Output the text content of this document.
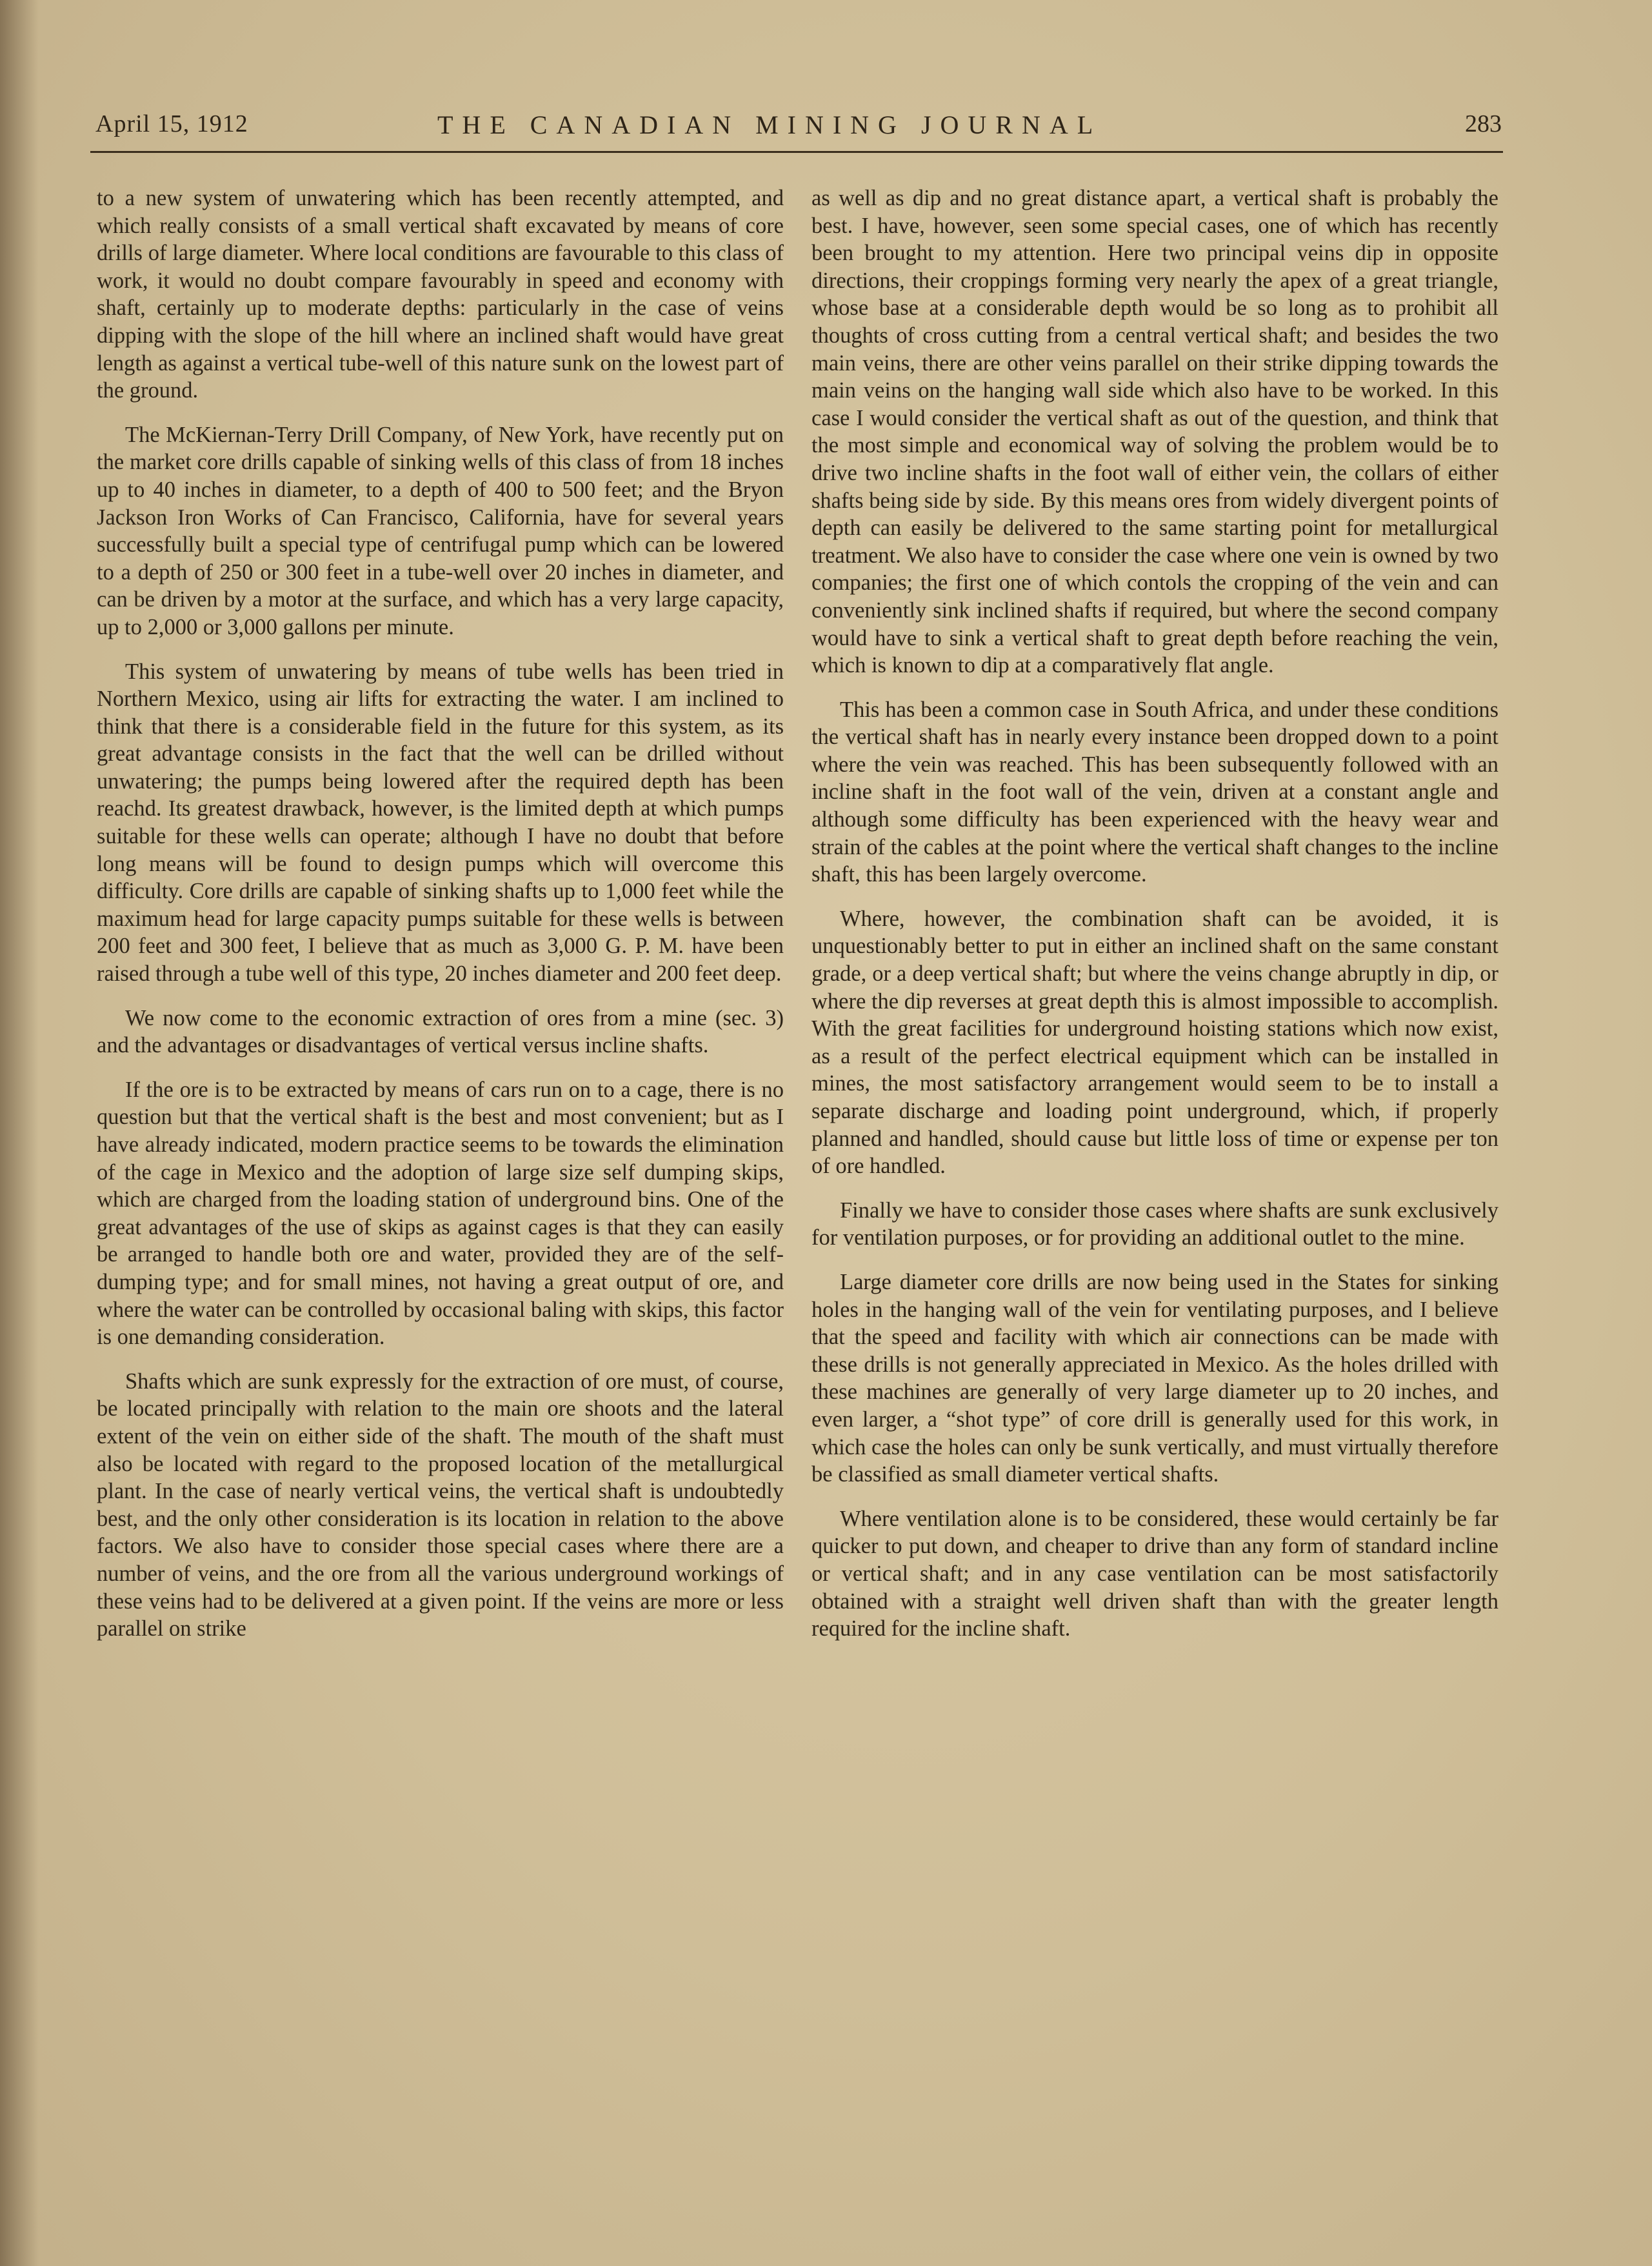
April 15, 1912	THE CANADIAN MINING JOURNAL	283

to a new system of unwatering which has been recently attempted, and which really consists of a small vertical shaft excavated by means of core drills of large diameter. Where local conditions are favourable to this class of work, it would no doubt compare favourably in speed and economy with shaft, certainly up to moderate depths: particularly in the case of veins dipping with the slope of the hill where an inclined shaft would have great length as against a vertical tube-well of this nature sunk on the lowest part of the ground.

The McKiernan-Terry Drill Company, of New York, have recently put on the market core drills capable of sinking wells of this class of from 18 inches up to 40 inches in diameter, to a depth of 400 to 500 feet; and the Bryon Jackson Iron Works of Can Francisco, California, have for several years successfully built a special type of centrifugal pump which can be lowered to a depth of 250 or 300 feet in a tube-well over 20 inches in diameter, and can be driven by a motor at the surface, and which has a very large capacity, up to 2,000 or 3,000 gallons per minute.

This system of unwatering by means of tube wells has been tried in Northern Mexico, using air lifts for extracting the water. I am inclined to think that there is a considerable field in the future for this system, as its great advantage consists in the fact that the well can be drilled without unwatering; the pumps being lowered after the required depth has been reachd. Its greatest drawback, however, is the limited depth at which pumps suitable for these wells can operate; although I have no doubt that before long means will be found to design pumps which will overcome this difficulty. Core drills are capable of sinking shafts up to 1,000 feet while the maximum head for large capacity pumps suitable for these wells is between 200 feet and 300 feet, I believe that as much as 3,000 G. P. M. have been raised through a tube well of this type, 20 inches diameter and 200 feet deep.

We now come to the economic extraction of ores from a mine (sec. 3) and the advantages or disadvantages of vertical versus incline shafts.

If the ore is to be extracted by means of cars run on to a cage, there is no question but that the vertical shaft is the best and most convenient; but as I have already indicated, modern practice seems to be towards the elimination of the cage in Mexico and the adoption of large size self dumping skips, which are charged from the loading station of underground bins. One of the great advantages of the use of skips as against cages is that they can easily be arranged to handle both ore and water, provided they are of the self-dumping type; and for small mines, not having a great output of ore, and where the water can be controlled by occasional baling with skips, this factor is one demanding consideration.

Shafts which are sunk expressly for the extraction of ore must, of course, be located principally with relation to the main ore shoots and the lateral extent of the vein on either side of the shaft. The mouth of the shaft must also be located with regard to the proposed location of the metallurgical plant. In the case of nearly vertical veins, the vertical shaft is undoubtedly best, and the only other consideration is its location in relation to the above factors. We also have to consider those special cases where there are a number of veins, and the ore from all the various underground workings of these veins had to be delivered at a given point. If the veins are more or less parallel on strike

as well as dip and no great distance apart, a vertical shaft is probably the best. I have, however, seen some special cases, one of which has recently been brought to my attention. Here two principal veins dip in opposite directions, their croppings forming very nearly the apex of a great triangle, whose base at a considerable depth would be so long as to prohibit all thoughts of cross cutting from a central vertical shaft; and besides the two main veins, there are other veins parallel on their strike dipping towards the main veins on the hanging wall side which also have to be worked. In this case I would consider the vertical shaft as out of the question, and think that the most simple and economical way of solving the problem would be to drive two incline shafts in the foot wall of either vein, the collars of either shafts being side by side. By this means ores from widely divergent points of depth can easily be delivered to the same starting point for metallurgical treatment. We also have to consider the case where one vein is owned by two companies; the first one of which contols the cropping of the vein and can conveniently sink inclined shafts if required, but where the second company would have to sink a vertical shaft to great depth before reaching the vein, which is known to dip at a comparatively flat angle.

This has been a common case in South Africa, and under these conditions the vertical shaft has in nearly every instance been dropped down to a point where the vein was reached. This has been subsequently followed with an incline shaft in the foot wall of the vein, driven at a constant angle and although some difficulty has been experienced with the heavy wear and strain of the cables at the point where the vertical shaft changes to the incline shaft, this has been largely overcome.

Where, however, the combination shaft can be avoided, it is unquestionably better to put in either an inclined shaft on the same constant grade, or a deep vertical shaft; but where the veins change abruptly in dip, or where the dip reverses at great depth this is almost impossible to accomplish. With the great facilities for underground hoisting stations which now exist, as a result of the perfect electrical equipment which can be installed in mines, the most satisfactory arrangement would seem to be to install a separate discharge and loading point underground, which, if properly planned and handled, should cause but little loss of time or expense per ton of ore handled.

Finally we have to consider those cases where shafts are sunk exclusively for ventilation purposes, or for providing an additional outlet to the mine.

Large diameter core drills are now being used in the States for sinking holes in the hanging wall of the vein for ventilating purposes, and I believe that the speed and facility with which air connections can be made with these drills is not generally appreciated in Mexico. As the holes drilled with these machines are generally of very large diameter up to 20 inches, and even larger, a “shot type” of core drill is generally used for this work, in which case the holes can only be sunk vertically, and must virtually therefore be classified as small diameter vertical shafts.

Where ventilation alone is to be considered, these would certainly be far quicker to put down, and cheaper to drive than any form of standard incline or vertical shaft; and in any case ventilation can be most satisfactorily obtained with a straight well driven shaft than with the greater length required for the incline shaft.
